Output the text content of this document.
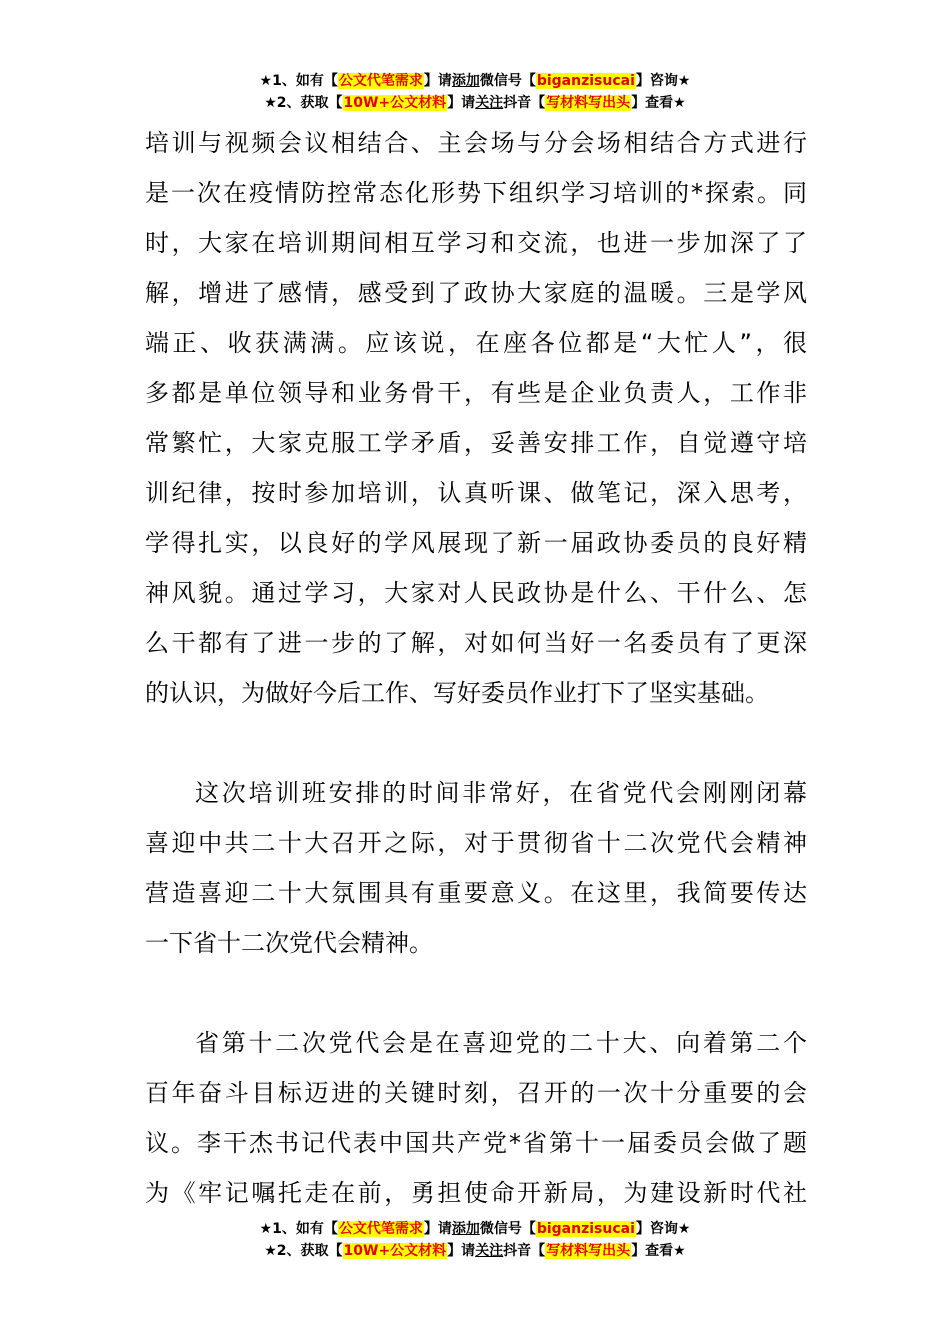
★1、如有【公文代笔需求】请添加微信号【biganzisucai】咨询★
★2、获取【10W+公文材料】请关注抖音【写材料写出头】查看★
培训与视频会议相结合、主会场与分会场相结合方式进行
是一次在疫情防控常态化形势下组织学习培训的*探索。同
时，大家在培训期间相互学习和交流，也进一步加深了了
解，增进了感情，感受到了政协大家庭的温暖。三是学风
端正、收获满满。应该说，在座各位都是“大忙人”，很
多都是单位领导和业务骨干，有些是企业负责人，工作非
常繁忙，大家克服工学矛盾，妥善安排工作，自觉遵守培
训纪律，按时参加培训，认真听课、做笔记，深入思考，
学得扎实，以良好的学风展现了新一届政协委员的良好精
神风貌。通过学习，大家对人民政协是什么、干什么、怎
么干都有了进一步的了解，对如何当好一名委员有了更深
的认识，为做好今后工作、写好委员作业打下了坚实基础。
这次培训班安排的时间非常好，在省党代会刚刚闭幕
喜迎中共二十大召开之际，对于贯彻省十二次党代会精神
营造喜迎二十大氛围具有重要意义。在这里，我简要传达
一下省十二次党代会精神。
省第十二次党代会是在喜迎党的二十大、向着第二个
百年奋斗目标迈进的关键时刻，召开的一次十分重要的会
议。李干杰书记代表中国共产党*省第十一届委员会做了题
为《牢记嘱托走在前，勇担使命开新局，为建设新时代社
★1、如有【公文代笔需求】请添加微信号【biganzisucai】咨询★
★2、获取【10W+公文材料】请关注抖音【写材料写出头】查看★
